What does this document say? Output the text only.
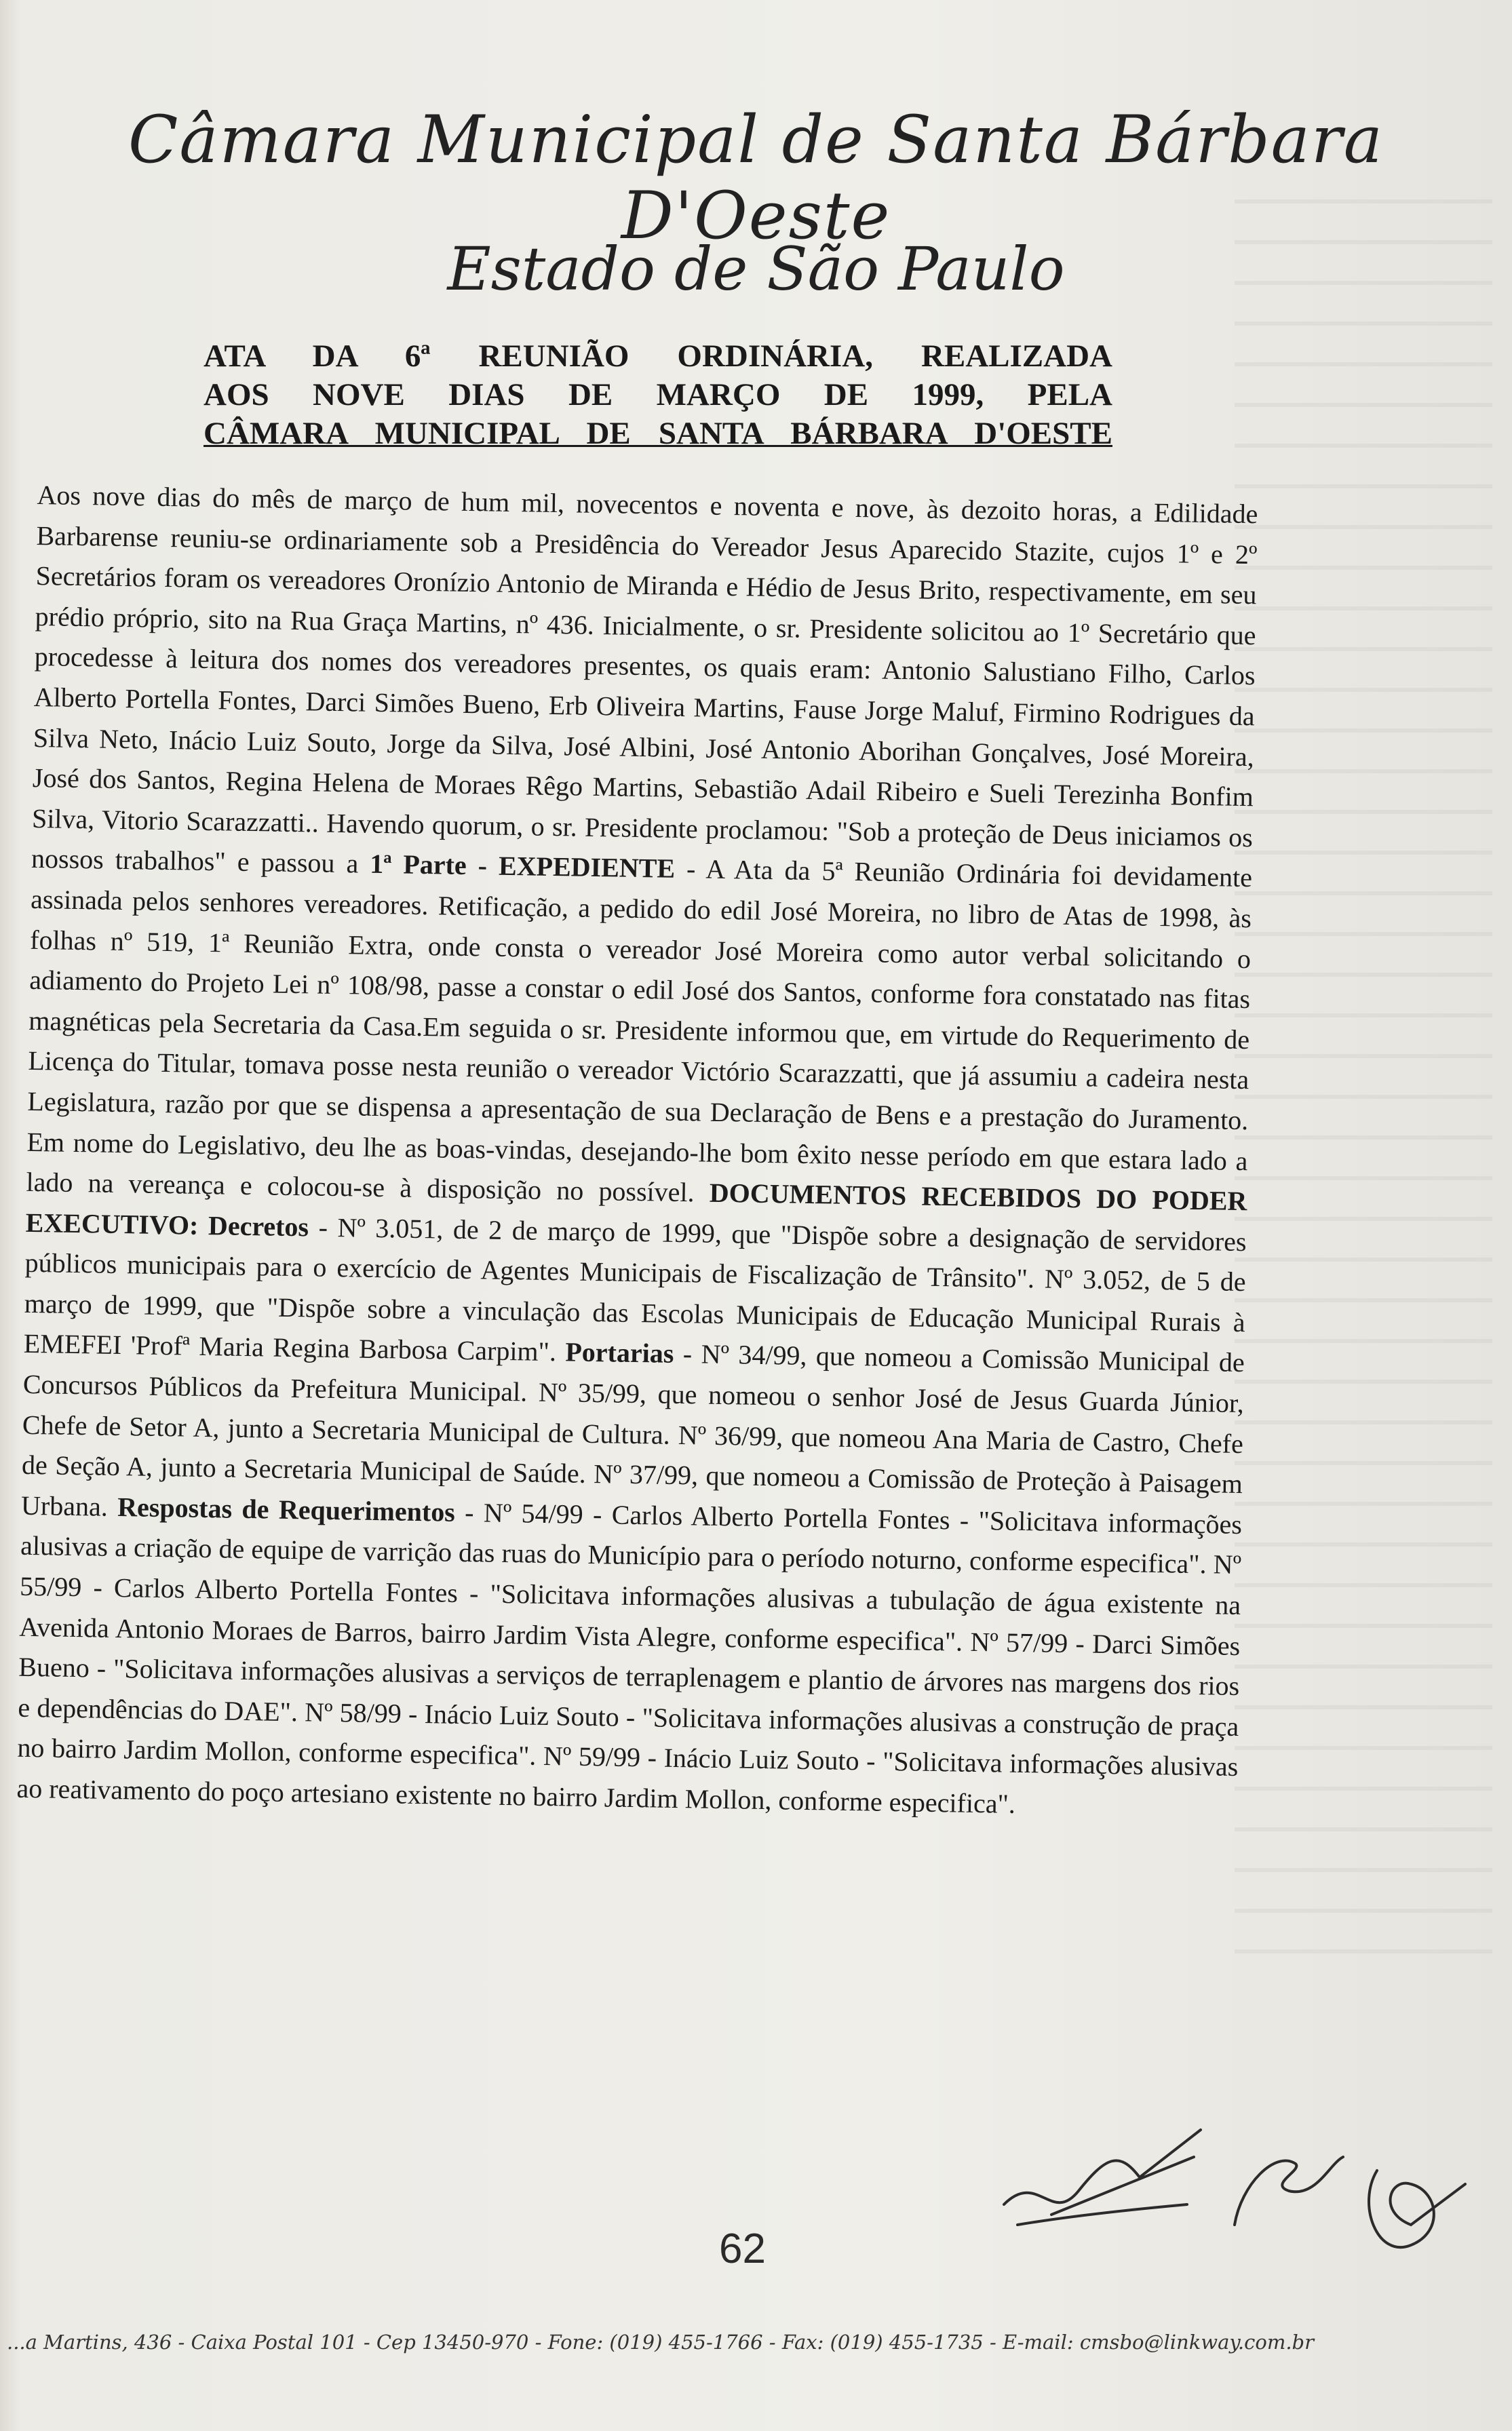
Câmara Municipal de Santa Bárbara D'Oeste
Estado de São Paulo
ATA DA 6ª REUNIÃO ORDINÁRIA, REALIZADA
AOS NOVE DIAS DE MARÇO DE 1999, PELA
CÂMARA MUNICIPAL DE SANTA BÁRBARA D'OESTE

Aos nove dias do mês de março de hum mil, novecentos e noventa e nove, às dezoito horas, a Edilidade Barbarense reuniu-se ordinariamente sob a Presidência do Vereador Jesus Aparecido Stazite, cujos 1º e 2º Secretários foram os vereadores Oronízio Antonio de Miranda e Hédio de Jesus Brito, respectivamente, em seu prédio próprio, sito na Rua Graça Martins, nº 436. Inicialmente, o sr. Presidente solicitou ao 1º Secretário que procedesse à leitura dos nomes dos vereadores presentes, os quais eram: Antonio Salustiano Filho, Carlos Alberto Portella Fontes, Darci Simões Bueno, Erb Oliveira Martins, Fause Jorge Maluf, Firmino Rodrigues da Silva Neto, Inácio Luiz Souto, Jorge da Silva, José Albini, José Antonio Aborihan Gonçalves, José Moreira, José dos Santos, Regina Helena de Moraes Rêgo Martins, Sebastião Adail Ribeiro e Sueli Terezinha Bonfim Silva, Vitorio Scarazzatti.. Havendo quorum, o sr. Presidente proclamou: "Sob a proteção de Deus iniciamos os nossos trabalhos" e passou a 1ª Parte - EXPEDIENTE - A Ata da 5ª Reunião Ordinária foi devidamente assinada pelos senhores vereadores. Retificação, a pedido do edil José Moreira, no libro de Atas de 1998, às folhas nº 519, 1ª Reunião Extra, onde consta o vereador José Moreira como autor verbal solicitando o adiamento do Projeto Lei nº 108/98, passe a constar o edil José dos Santos, conforme fora constatado nas fitas magnéticas pela Secretaria da Casa.Em seguida o sr. Presidente informou que, em virtude do Requerimento de Licença do Titular, tomava posse nesta reunião o vereador Victório Scarazzatti, que já assumiu a cadeira nesta Legislatura, razão por que se dispensa a apresentação de sua Declaração de Bens e a prestação do Juramento. Em nome do Legislativo, deu lhe as boas-vindas, desejando-lhe bom êxito nesse período em que estara lado a lado na vereança e colocou-se à disposição no possível. DOCUMENTOS RECEBIDOS DO PODER EXECUTIVO: Decretos - Nº 3.051, de 2 de março de 1999, que "Dispõe sobre a designação de servidores públicos municipais para o exercício de Agentes Municipais de Fiscalização de Trânsito". Nº 3.052, de 5 de março de 1999, que "Dispõe sobre a vinculação das Escolas Municipais de Educação Municipal Rurais à EMEFEI 'Profª Maria Regina Barbosa Carpim". Portarias - Nº 34/99, que nomeou a Comissão Municipal de Concursos Públicos da Prefeitura Municipal. Nº 35/99, que nomeou o senhor José de Jesus Guarda Júnior, Chefe de Setor A, junto a Secretaria Municipal de Cultura. Nº 36/99, que nomeou Ana Maria de Castro, Chefe de Seção A, junto a Secretaria Municipal de Saúde. Nº 37/99, que nomeou a Comissão de Proteção à Paisagem Urbana. Respostas de Requerimentos - Nº 54/99 - Carlos Alberto Portella Fontes - "Solicitava informações alusivas a criação de equipe de varrição das ruas do Município para o período noturno, conforme especifica". Nº 55/99 - Carlos Alberto Portella Fontes - "Solicitava informações alusivas a tubulação de água existente na Avenida Antonio Moraes de Barros, bairro Jardim Vista Alegre, conforme especifica". Nº 57/99 - Darci Simões Bueno - "Solicitava informações alusivas a serviços de terraplenagem e plantio de árvores nas margens dos rios e dependências do DAE". Nº 58/99 - Inácio Luiz Souto - "Solicitava informações alusivas a construção de praça no bairro Jardim Mollon, conforme especifica". Nº 59/99 - Inácio Luiz Souto - "Solicitava informações alusivas ao reativamento do poço artesiano existente no bairro Jardim Mollon, conforme especifica".

62
...a Martins, 436 - Caixa Postal 101 - Cep 13450-970 - Fone: (019) 455-1766 - Fax: (019) 455-1735 - E-mail: cmsbo@linkway.com.br
